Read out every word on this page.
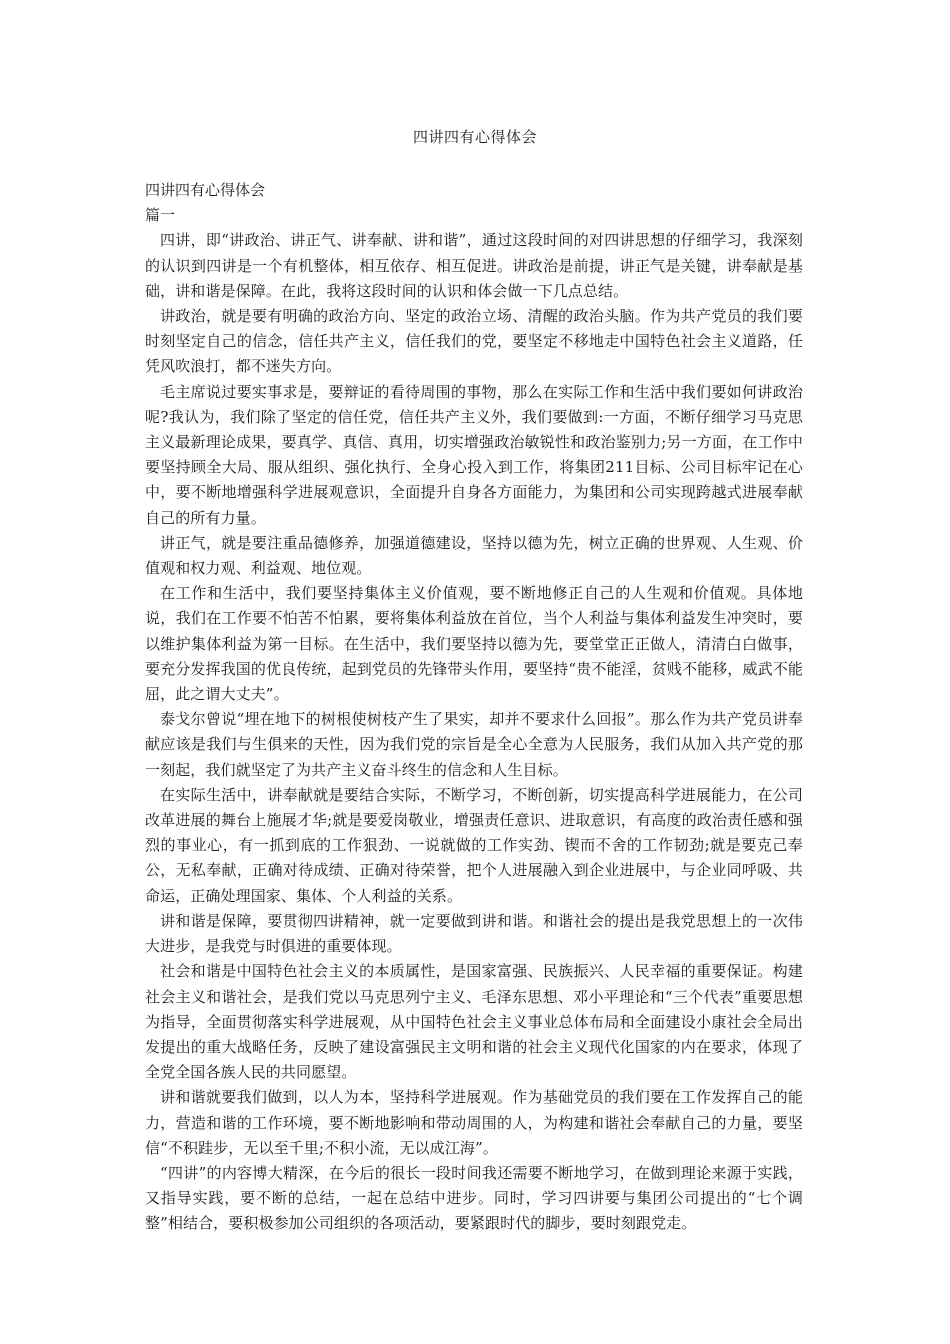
四讲四有心得体会
四讲四有心得体会
篇一

四讲，即“讲政治、讲正气、讲奉献、讲和谐”，通过这段时间的对四讲思想的仔细学习，我深刻的认识到四讲是一个有机整体，相互依存、相互促进。讲政治是前提，讲正气是关键，讲奉献是基础，讲和谐是保障。在此，我将这段时间的认识和体会做一下几点总结。

讲政治，就是要有明确的政治方向、坚定的政治立场、清醒的政治头脑。作为共产党员的我们要时刻坚定自己的信念，信任共产主义，信任我们的党，要坚定不移地走中国特色社会主义道路，任凭风吹浪打，都不迷失方向。

毛主席说过要实事求是，要辩证的看待周围的事物，那么在实际工作和生活中我们要如何讲政治呢?我认为，我们除了坚定的信任党，信任共产主义外，我们要做到:一方面，不断仔细学习马克思主义最新理论成果，要真学、真信、真用，切实增强政治敏锐性和政治鉴别力;另一方面，在工作中要坚持顾全大局、服从组织、强化执行、全身心投入到工作，将集团211目标、公司目标牢记在心中，要不断地增强科学进展观意识，全面提升自身各方面能力，为集团和公司实现跨越式进展奉献自己的所有力量。

讲正气，就是要注重品德修养，加强道德建设，坚持以德为先，树立正确的世界观、人生观、价值观和权力观、利益观、地位观。

在工作和生活中，我们要坚持集体主义价值观，要不断地修正自己的人生观和价值观。具体地说，我们在工作要不怕苦不怕累，要将集体利益放在首位，当个人利益与集体利益发生冲突时，要以维护集体利益为第一目标。在生活中，我们要坚持以德为先，要堂堂正正做人，清清白白做事，要充分发挥我国的优良传统，起到党员的先锋带头作用，要坚持“贵不能淫，贫贱不能移，威武不能屈，此之谓大丈夫”。

泰戈尔曾说“埋在地下的树根使树枝产生了果实，却并不要求什么回报”。那么作为共产党员讲奉献应该是我们与生俱来的天性，因为我们党的宗旨是全心全意为人民服务，我们从加入共产党的那一刻起，我们就坚定了为共产主义奋斗终生的信念和人生目标。

在实际生活中，讲奉献就是要结合实际，不断学习，不断创新，切实提高科学进展能力，在公司改革进展的舞台上施展才华;就是要爱岗敬业，增强责任意识、进取意识，有高度的政治责任感和强烈的事业心，有一抓到底的工作狠劲、一说就做的工作实劲、锲而不舍的工作韧劲;就是要克己奉公，无私奉献，正确对待成绩、正确对待荣誉，把个人进展融入到企业进展中，与企业同呼吸、共命运，正确处理国家、集体、个人利益的关系。

讲和谐是保障，要贯彻四讲精神，就一定要做到讲和谐。和谐社会的提出是我党思想上的一次伟大进步，是我党与时俱进的重要体现。

社会和谐是中国特色社会主义的本质属性，是国家富强、民族振兴、人民幸福的重要保证。构建社会主义和谐社会，是我们党以马克思列宁主义、毛泽东思想、邓小平理论和“三个代表”重要思想为指导，全面贯彻落实科学进展观，从中国特色社会主义事业总体布局和全面建设小康社会全局出发提出的重大战略任务，反映了建设富强民主文明和谐的社会主义现代化国家的内在要求，体现了全党全国各族人民的共同愿望。

讲和谐就要我们做到，以人为本，坚持科学进展观。作为基础党员的我们要在工作发挥自己的能力，营造和谐的工作环境，要不断地影响和带动周围的人，为构建和谐社会奉献自己的力量，要坚信“不积跬步，无以至千里;不积小流，无以成江海”。

“四讲”的内容博大精深，在今后的很长一段时间我还需要不断地学习，在做到理论来源于实践，又指导实践，要不断的总结，一起在总结中进步。同时，学习四讲要与集团公司提出的“七个调整”相结合，要积极参加公司组织的各项活动，要紧跟时代的脚步，要时刻跟党走。
